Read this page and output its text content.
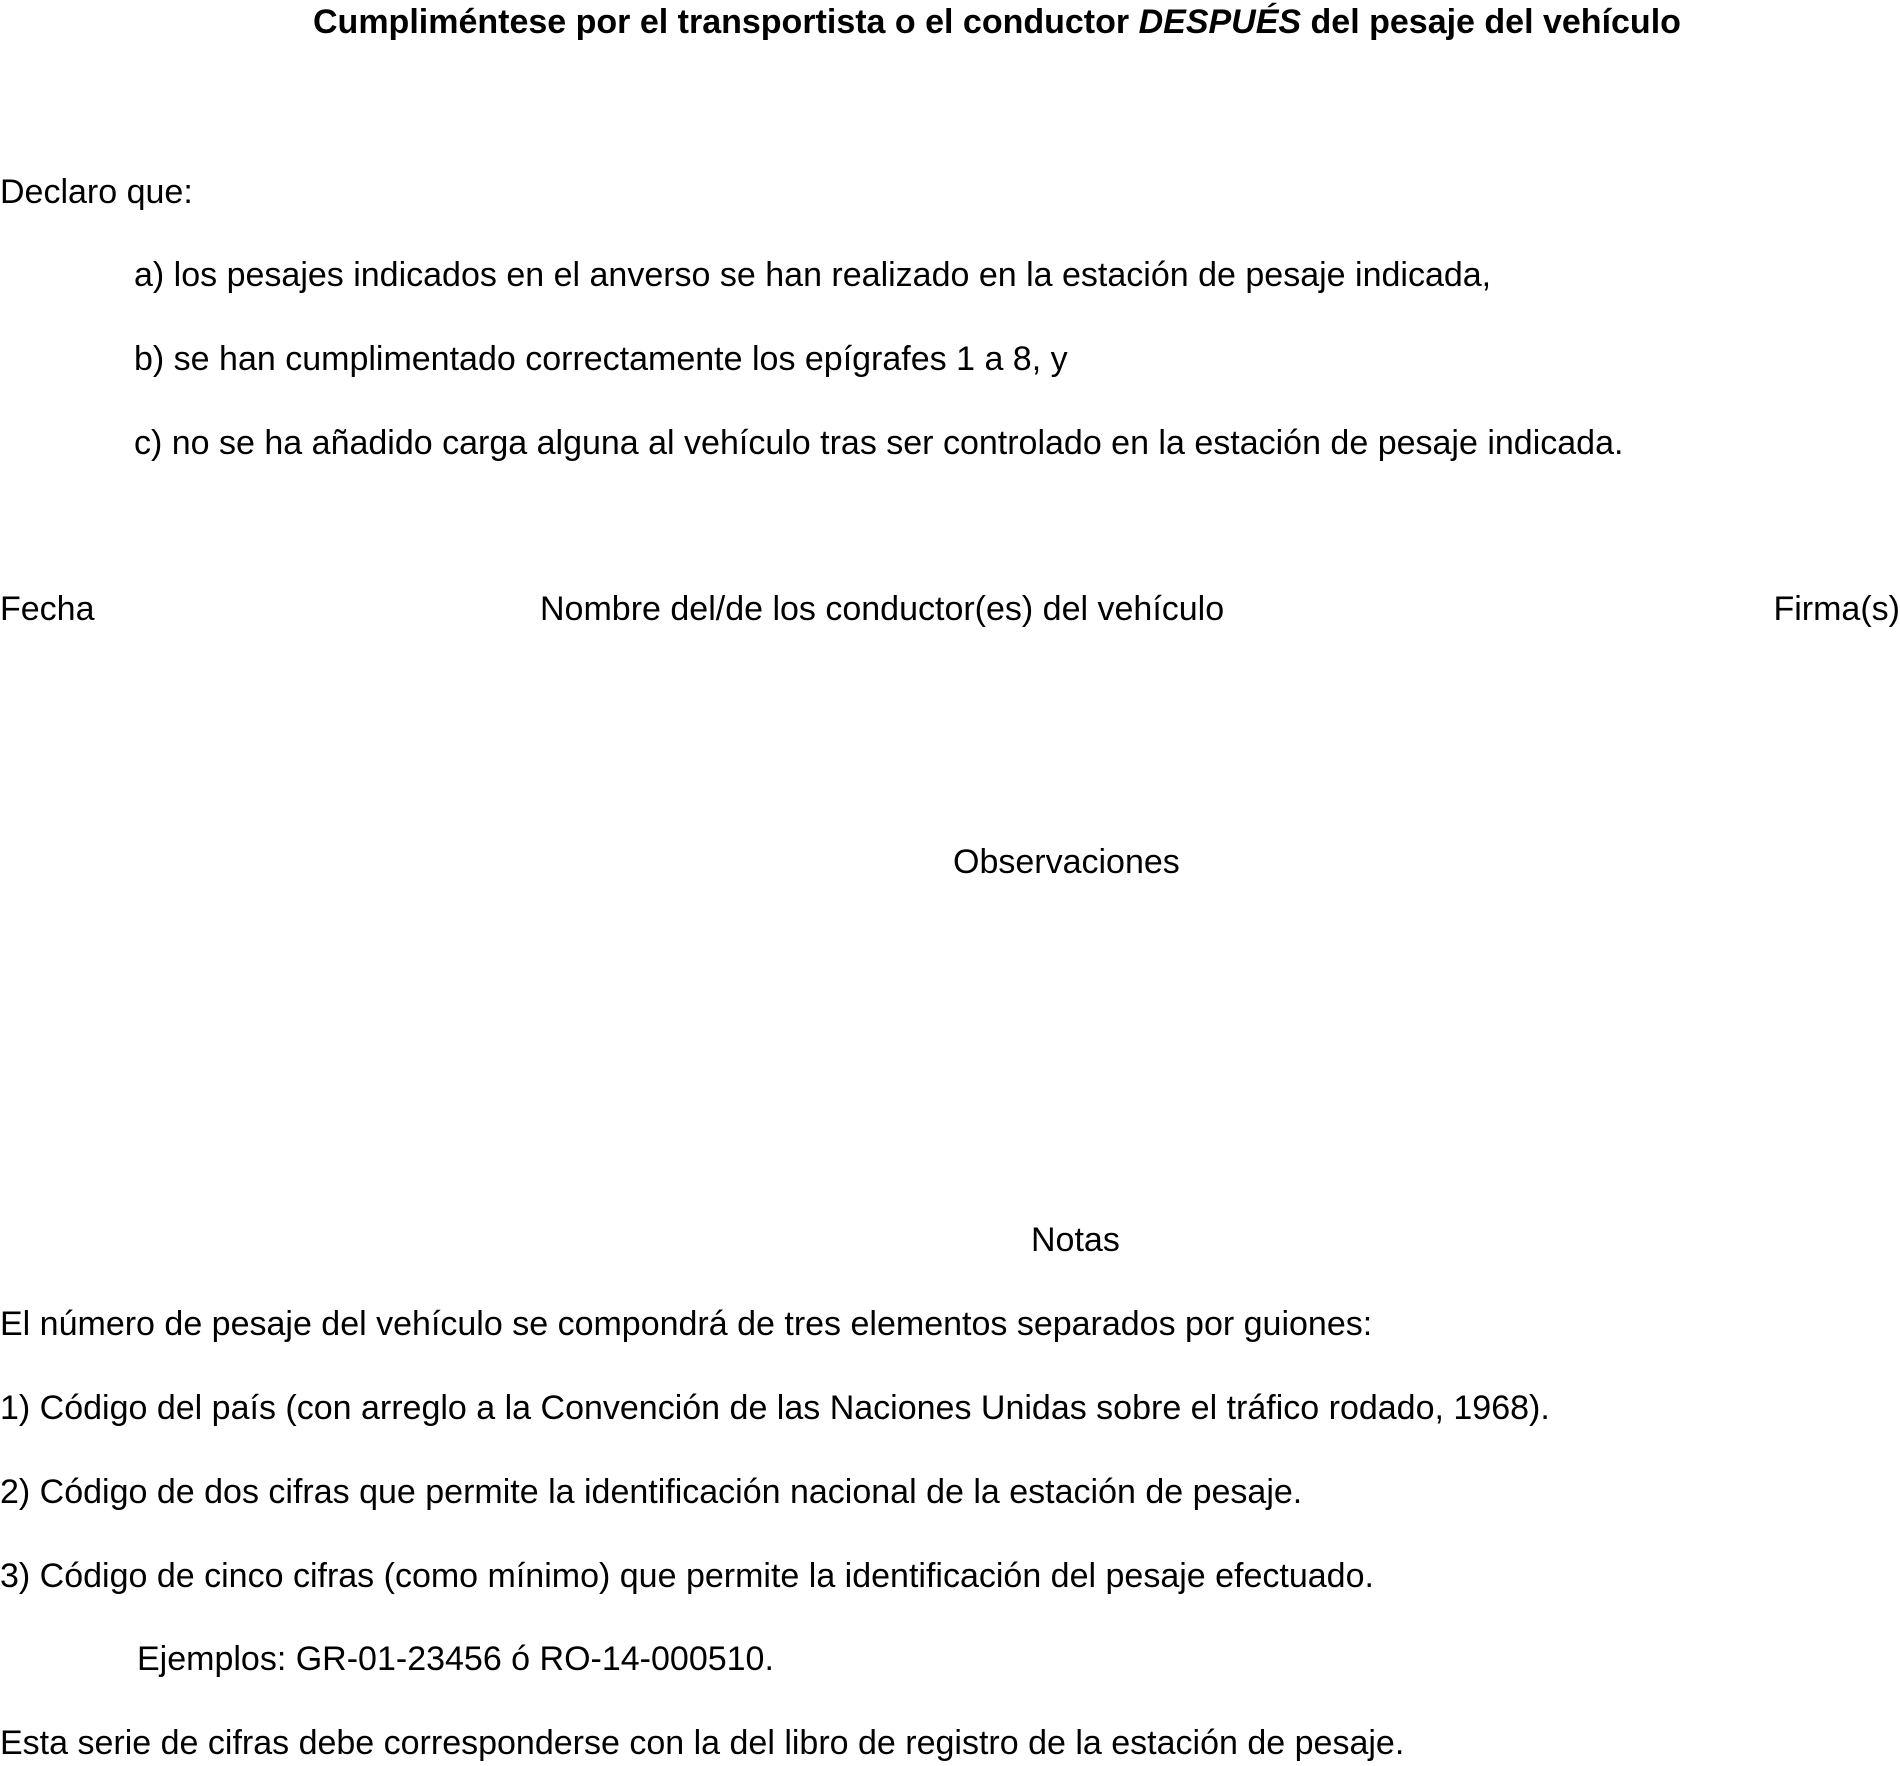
Cumpliméntese por el transportista o el conductor DESPUÉS del pesaje del vehículo
Declaro que:
a) los pesajes indicados en el anverso se han realizado en la estación de pesaje indicada,
b) se han cumplimentado correctamente los epígrafes 1 a 8, y
c) no se ha añadido carga alguna al vehículo tras ser controlado en la estación de pesaje indicada.
Fecha	Nombre del/de los conductor(es) del vehículo	Firma(s)
Observaciones
Notas
El número de pesaje del vehículo se compondrá de tres elementos separados por guiones:
1) Código del país (con arreglo a la Convención de las Naciones Unidas sobre el tráfico rodado, 1968).
2) Código de dos cifras que permite la identificación nacional de la estación de pesaje.
3) Código de cinco cifras (como mínimo) que permite la identificación del pesaje efectuado.
Ejemplos: GR-01-23456 ó RO-14-000510.
Esta serie de cifras debe corresponderse con la del libro de registro de la estación de pesaje.
